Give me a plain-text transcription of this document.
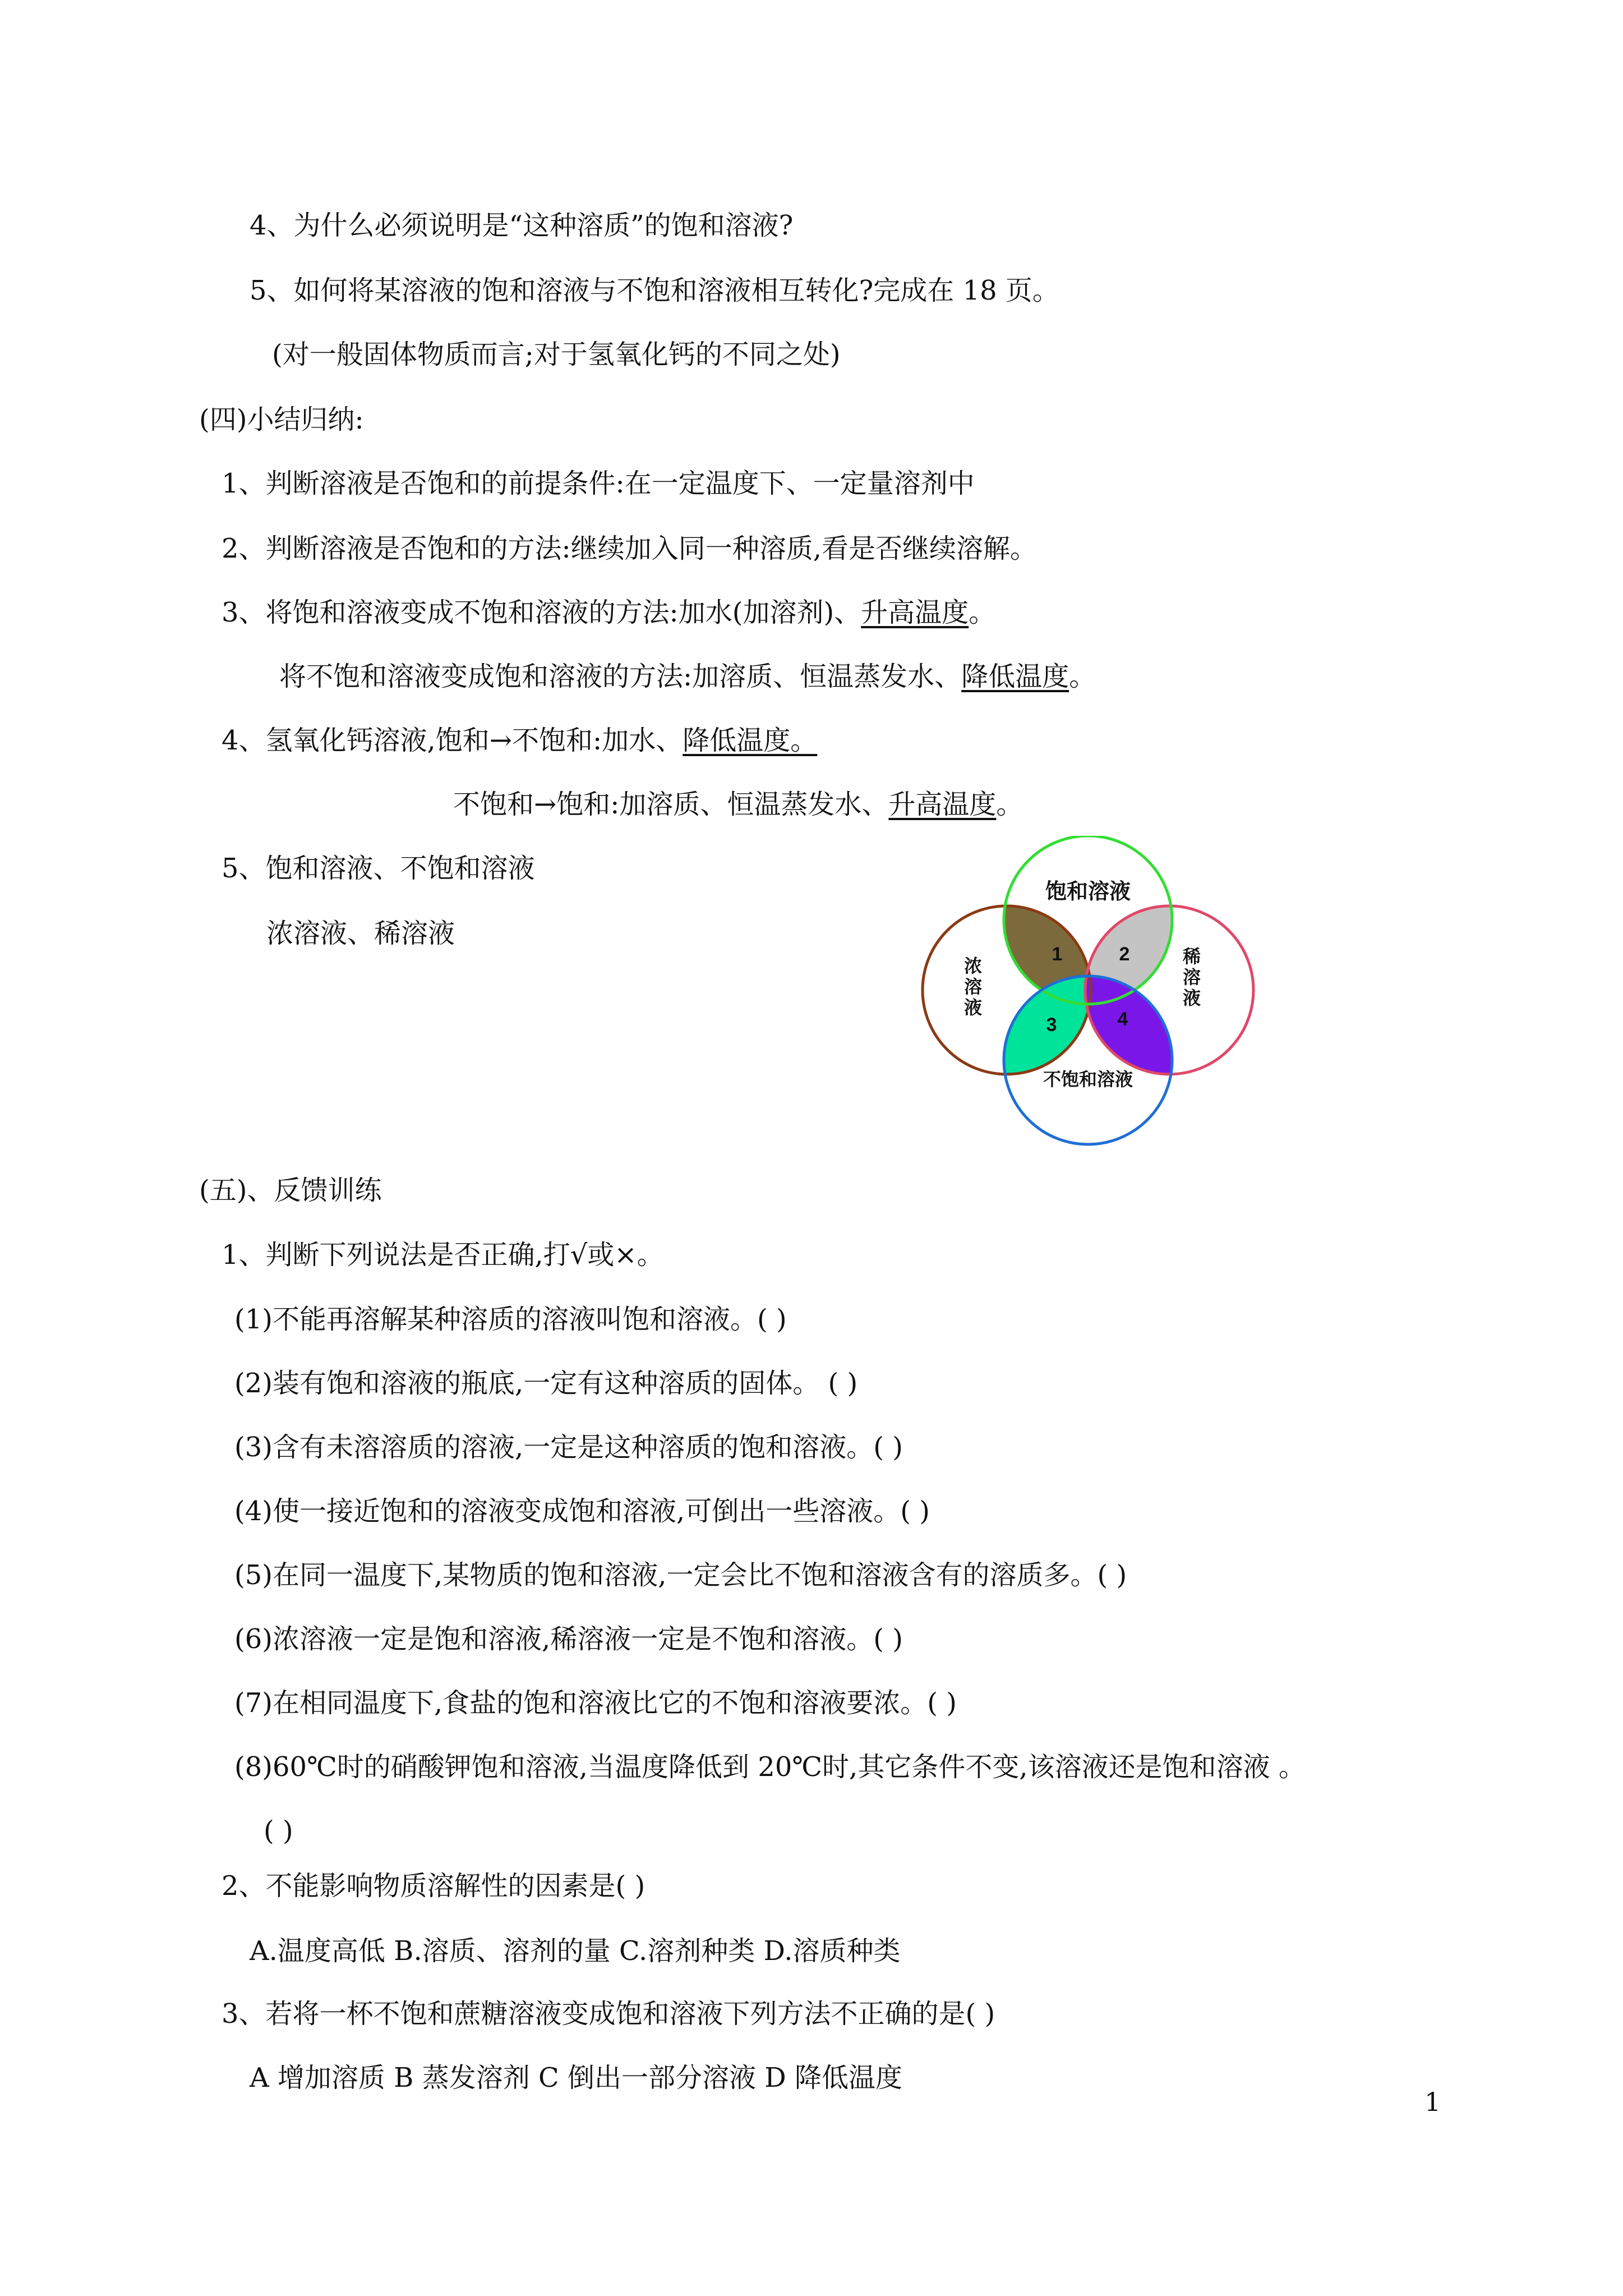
4、为什么必须说明是“这种溶质”的饱和溶液?
5、如何将某溶液的饱和溶液与不饱和溶液相互转化?完成在 18 页。
(对一般固体物质而言;对于氢氧化钙的不同之处)
(四)小结归纳:
1、判断溶液是否饱和的前提条件:在一定温度下、一定量溶剂中
2、判断溶液是否饱和的方法:继续加入同一种溶质,看是否继续溶解。
3、将饱和溶液变成不饱和溶液的方法:加水(加溶剂)、升高温度。
将不饱和溶液变成饱和溶液的方法:加溶质、恒温蒸发水、降低温度。
4、氢氧化钙溶液,饱和→不饱和:加水、降低温度。
不饱和→饱和:加溶质、恒温蒸发水、升高温度。
5、饱和溶液、不饱和溶液
浓溶液、稀溶液
饱和溶液
不饱和溶液
浓
溶
液
稀
溶
液
1	2
3	4
(五)、反馈训练
1、判断下列说法是否正确,打√或×。
(1)不能再溶解某种溶质的溶液叫饱和溶液。( )
(2)装有饱和溶液的瓶底,一定有这种溶质的固体。 ( )
(3)含有未溶溶质的溶液,一定是这种溶质的饱和溶液。( )
(4)使一接近饱和的溶液变成饱和溶液,可倒出一些溶液。( )
(5)在同一温度下,某物质的饱和溶液,一定会比不饱和溶液含有的溶质多。( )
(6)浓溶液一定是饱和溶液,稀溶液一定是不饱和溶液。( )
(7)在相同温度下,食盐的饱和溶液比它的不饱和溶液要浓。( )
(8)60℃时的硝酸钾饱和溶液,当温度降低到 20℃时,其它条件不变,该溶液还是饱和溶液 。
( )
2、不能影响物质溶解性的因素是( )
A.温度高低 B.溶质、溶剂的量 C.溶剂种类 D.溶质种类
3、若将一杯不饱和蔗糖溶液变成饱和溶液下列方法不正确的是( )
A 增加溶质 B 蒸发溶剂 C 倒出一部分溶液 D 降低温度
1
